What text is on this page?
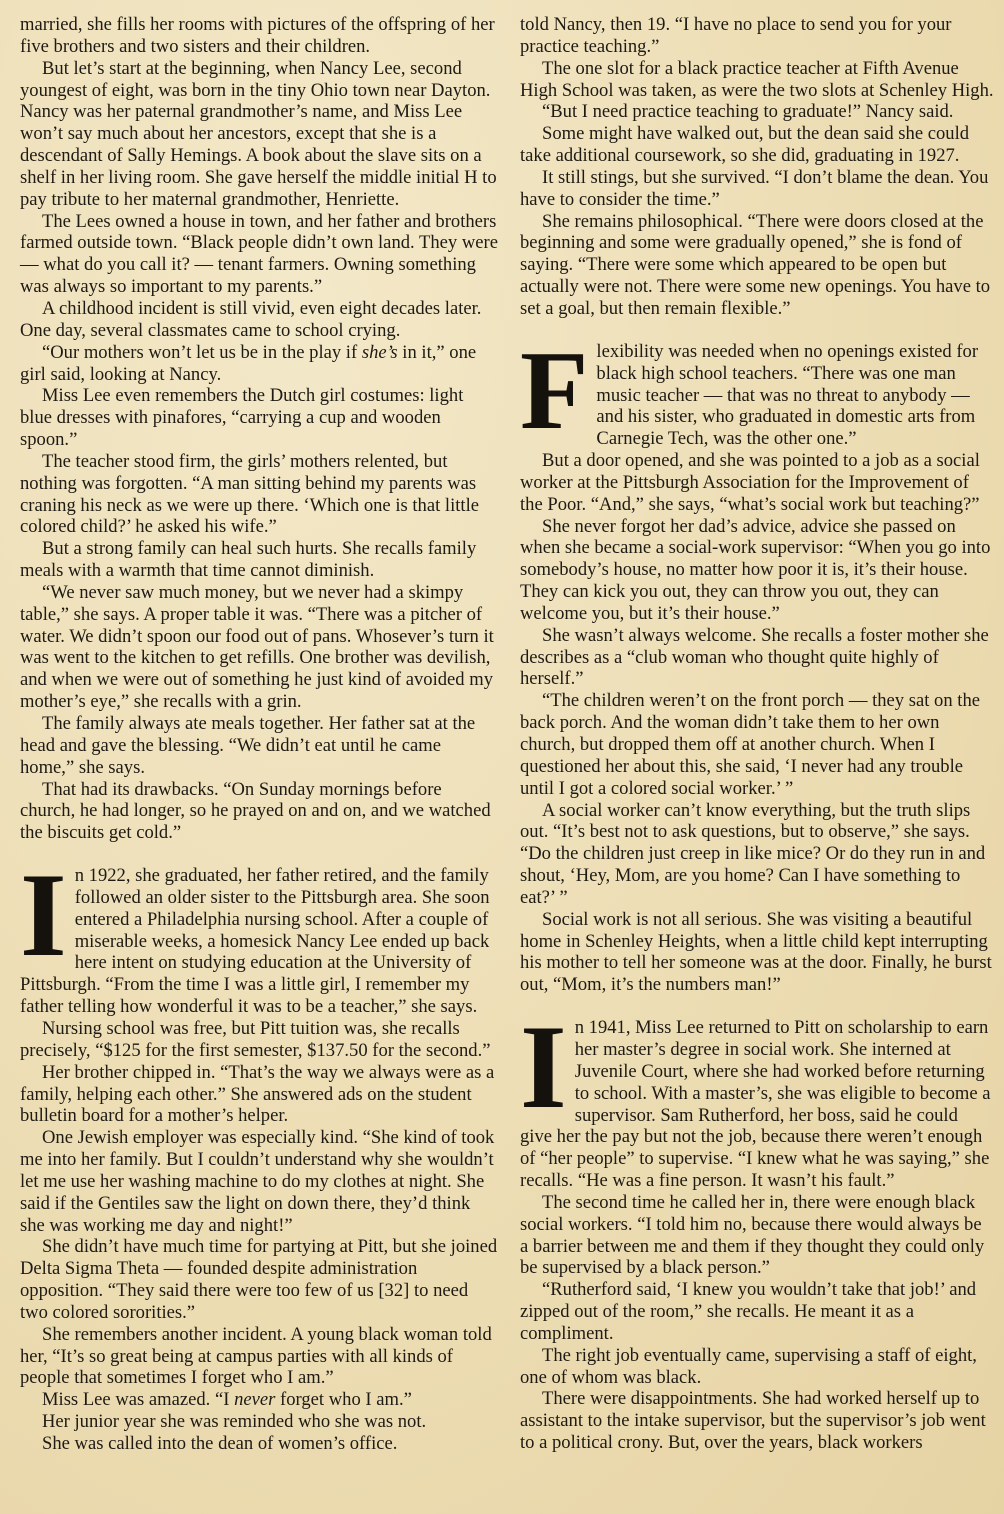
married, she fills her rooms with pictures of the offspring of her five brothers and two sisters and their children.

But let’s start at the beginning, when Nancy Lee, second youngest of eight, was born in the tiny Ohio town near Dayton. Nancy was her paternal grandmother’s name, and Miss Lee won’t say much about her ancestors, except that she is a descendant of Sally Hemings. A book about the slave sits on a shelf in her living room. She gave herself the middle initial H to pay tribute to her maternal grandmother, Henriette.

The Lees owned a house in town, and her father and brothers farmed outside town. “Black people didn’t own land. They were — what do you call it? — tenant farmers. Owning something was always so important to my parents.”

A childhood incident is still vivid, even eight decades later. One day, several classmates came to school crying.

“Our mothers won’t let us be in the play if she’s in it,” one girl said, looking at Nancy.

Miss Lee even remembers the Dutch girl costumes: light blue dresses with pinafores, “carrying a cup and wooden spoon.”

The teacher stood firm, the girls’ mothers relented, but nothing was forgotten. “A man sitting behind my parents was craning his neck as we were up there. ‘Which one is that little colored child?’ he asked his wife.”

But a strong family can heal such hurts. She recalls family meals with a warmth that time cannot diminish.

“We never saw much money, but we never had a skimpy table,” she says. A proper table it was. “There was a pitcher of water. We didn’t spoon our food out of pans. Whosever’s turn it was went to the kitchen to get refills. One brother was devilish, and when we were out of something he just kind of avoided my mother’s eye,” she recalls with a grin.

The family always ate meals together. Her father sat at the head and gave the blessing. “We didn’t eat until he came home,” she says.

That had its drawbacks. “On Sunday mornings before church, he had longer, so he prayed on and on, and we watched the biscuits get cold.”

I n 1922, she graduated, her father retired, and the family followed an older sister to the Pittsburgh area. She soon entered a Philadelphia nursing school. After a couple of miserable weeks, a homesick Nancy Lee ended up back here intent on studying education at the University of Pittsburgh. “From the time I was a little girl, I remember my father telling how wonderful it was to be a teacher,” she says.

Nursing school was free, but Pitt tuition was, she recalls precisely, “$125 for the first semester, $137.50 for the second.”

Her brother chipped in. “That’s the way we always were as a family, helping each other.” She answered ads on the student bulletin board for a mother’s helper.

One Jewish employer was especially kind. “She kind of took me into her family. But I couldn’t understand why she wouldn’t let me use her washing machine to do my clothes at night. She said if the Gentiles saw the light on down there, they’d think she was working me day and night!”

She didn’t have much time for partying at Pitt, but she joined Delta Sigma Theta — founded despite administration opposition. “They said there were too few of us [32] to need two colored sororities.”

She remembers another incident. A young black woman told her, “It’s so great being at campus parties with all kinds of people that sometimes I forget who I am.”

Miss Lee was amazed. “I never forget who I am.”

Her junior year she was reminded who she was not.

She was called into the dean of women’s office.

told Nancy, then 19. “I have no place to send you for your practice teaching.”

The one slot for a black practice teacher at Fifth Avenue High School was taken, as were the two slots at Schenley High.

“But I need practice teaching to graduate!” Nancy said.

Some might have walked out, but the dean said she could take additional coursework, so she did, graduating in 1927.

It still stings, but she survived. “I don’t blame the dean. You have to consider the time.”

She remains philosophical. “There were doors closed at the beginning and some were gradually opened,” she is fond of saying. “There were some which appeared to be open but actually were not. There were some new openings. You have to set a goal, but then remain flexible.”

F lexibility was needed when no openings existed for black high school teachers. “There was one man music teacher — that was no threat to anybody — and his sister, who graduated in domestic arts from Carnegie Tech, was the other one.”

But a door opened, and she was pointed to a job as a social worker at the Pittsburgh Association for the Improvement of the Poor. “And,” she says, “what’s social work but teaching?”

She never forgot her dad’s advice, advice she passed on when she became a social-work supervisor: “When you go into somebody’s house, no matter how poor it is, it’s their house. They can kick you out, they can throw you out, they can welcome you, but it’s their house.”

She wasn’t always welcome. She recalls a foster mother she describes as a “club woman who thought quite highly of herself.”

“The children weren’t on the front porch — they sat on the back porch. And the woman didn’t take them to her own church, but dropped them off at another church. When I questioned her about this, she said, ‘I never had any trouble until I got a colored social worker.’ ”

A social worker can’t know everything, but the truth slips out. “It’s best not to ask questions, but to observe,” she says. “Do the children just creep in like mice? Or do they run in and shout, ‘Hey, Mom, are you home? Can I have something to eat?’ ”

Social work is not all serious. She was visiting a beautiful home in Schenley Heights, when a little child kept interrupting his mother to tell her someone was at the door. Finally, he burst out, “Mom, it’s the numbers man!”

I n 1941, Miss Lee returned to Pitt on scholarship to earn her master’s degree in social work. She interned at Juvenile Court, where she had worked before returning to school. With a master’s, she was eligible to become a supervisor. Sam Rutherford, her boss, said he could give her the pay but not the job, because there weren’t enough of “her people” to supervise. “I knew what he was saying,” she recalls. “He was a fine person. It wasn’t his fault.”

The second time he called her in, there were enough black social workers. “I told him no, because there would always be a barrier between me and them if they thought they could only be supervised by a black person.”

“Rutherford said, ‘I knew you wouldn’t take that job!’ and zipped out of the room,” she recalls. He meant it as a compliment.

The right job eventually came, supervising a staff of eight, one of whom was black.

There were disappointments. She had worked herself up to assistant to the intake supervisor, but the supervisor’s job went to a political crony. But, over the years, black workers
